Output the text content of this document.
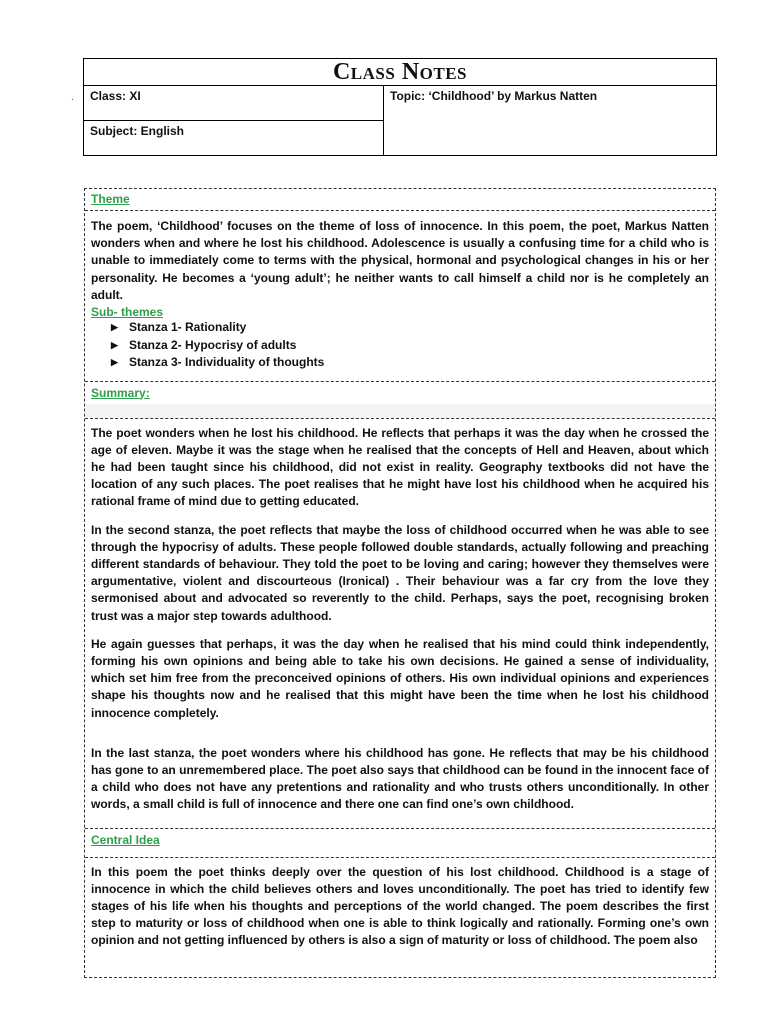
.
Class Notes
Class: XI
Subject: English
Topic: ‘Childhood’ by Markus Natten
Theme
The poem, ‘Childhood’ focuses on the theme of loss of innocence. In this poem, the poet, Markus Natten wonders when and where he lost his childhood. Adolescence is usually a confusing time for a child who is unable to immediately come to terms with the physical, hormonal and psychological changes in his or her personality. He becomes a ‘young adult’; he neither wants to call himself a child nor is he completely an adult.
Sub- themes
▶ Stanza 1- Rationality
▶ Stanza 2- Hypocrisy of adults
▶ Stanza 3- Individuality of thoughts
Summary:
The poet wonders when he lost his childhood. He reflects that perhaps it was the day when he crossed the age of eleven. Maybe it was the stage when he realised that the concepts of Hell and Heaven, about which he had been taught since his childhood, did not exist in reality. Geography textbooks did not have the location of any such places. The poet realises that he might have lost his childhood when he acquired his rational frame of mind due to getting educated.
In the second stanza, the poet reflects that maybe the loss of childhood occurred when he was able to see through the hypocrisy of adults. These people followed double standards, actually following and preaching different standards of behaviour. They told the poet to be loving and caring; however they themselves were argumentative, violent and discourteous (Ironical) . Their behaviour was a far cry from the love they sermonised about and advocated so reverently to the child. Perhaps, says the poet, recognising broken trust was a major step towards adulthood.
He again guesses that perhaps, it was the day when he realised that his mind could think independently, forming his own opinions and being able to take his own decisions. He gained a sense of individuality, which set him free from the preconceived opinions of others. His own individual opinions and experiences shape his thoughts now and he realised that this might have been the time when he lost his childhood innocence completely.
In the last stanza, the poet wonders where his childhood has gone. He reflects that may be his childhood has gone to an unremembered place. The poet also says that childhood can be found in the innocent face of a child who does not have any pretentions and rationality and who trusts others unconditionally. In other words, a small child is full of innocence and there one can find one’s own childhood.
Central Idea
In this poem the poet thinks deeply over the question of his lost childhood. Childhood is a stage of innocence in which the child believes others and loves unconditionally. The poet has tried to identify few stages of his life when his thoughts and perceptions of the world changed. The poem describes the first step to maturity or loss of childhood when one is able to think logically and rationally. Forming one’s own opinion and not getting influenced by others is also a sign of maturity or loss of childhood. The poem also
